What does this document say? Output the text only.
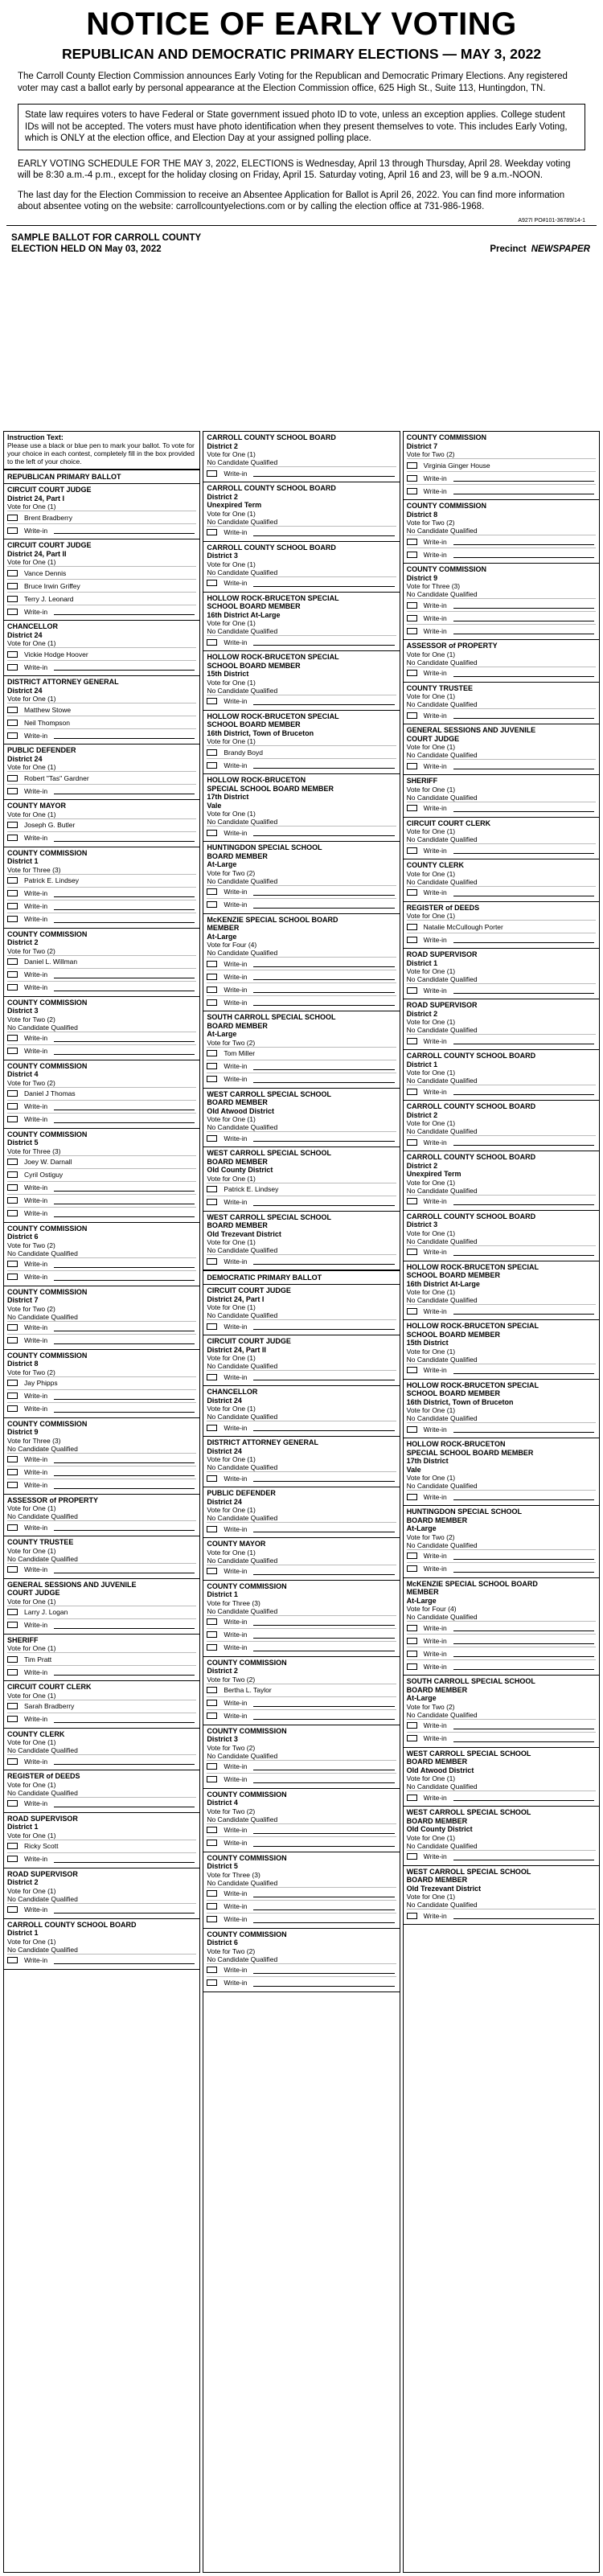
NOTICE OF EARLY VOTING
REPUBLICAN AND DEMOCRATIC PRIMARY ELECTIONS — MAY 3, 2022
The Carroll County Election Commission announces Early Voting for the Republican and Democratic Primary Elections. Any registered voter may cast a ballot early by personal appearance at the Election Commission office, 625 High St., Suite 113, Huntingdon, TN.
State law requires voters to have Federal or State government issued photo ID to vote, unless an exception applies. College student IDs will not be accepted. The voters must have photo identification when they present themselves to vote. This includes Early Voting, which is ONLY at the election office, and Election Day at your assigned polling place.
EARLY VOTING SCHEDULE FOR THE MAY 3, 2022, ELECTIONS is Wednesday, April 13 through Thursday, April 28. Weekday voting will be 8:30 a.m.-4 p.m., except for the holiday closing on Friday, April 15. Saturday voting, April 16 and 23, will be 9 a.m.-NOON.
The last day for the Election Commission to receive an Absentee Application for Ballot is April 26, 2022. You can find more information about absentee voting on the website: carrollcountyelections.com or by calling the election office at 731-986-1968.
A927I PO#101-36789/14-1
SAMPLE BALLOT FOR CARROLL COUNTY
ELECTION HELD ON May 03, 2022	Precinct NEWSPAPER
Instruction Text:
Please use a black or blue pen to mark your ballot. To vote for your choice in each contest, completely fill in the box provided to the left of your choice.
REPUBLICAN PRIMARY BALLOT
CIRCUIT COURT JUDGE
District 24, Part I
Vote for One (1)
Brent Bradberry
Write-in
CIRCUIT COURT JUDGE
District 24, Part II
Vote for One (1)
Vance Dennis
Bruce Irwin Griffey
Terry J. Leonard
Write-in
CHANCELLOR
District 24
Vote for One (1)
Vickie Hodge Hoover
Write-in
DISTRICT ATTORNEY GENERAL
District 24
Vote for One (1)
Matthew Stowe
Neil Thompson
Write-in
PUBLIC DEFENDER
District 24
Vote for One (1)
Robert "Tas" Gardner
Write-in
COUNTY MAYOR
Vote for One (1)
Joseph G. Butler
Write-in
COUNTY COMMISSION
District 1
Vote for Three (3)
Patrick E. Lindsey
Write-in
Write-in
Write-in
COUNTY COMMISSION
District 2
Vote for Two (2)
Daniel L. Willman
Write-in
Write-in
COUNTY COMMISSION
District 3
Vote for Two (2)
No Candidate Qualified
Write-in
Write-in
COUNTY COMMISSION
District 4
Vote for Two (2)
Daniel J Thomas
Write-in
Write-in
COUNTY COMMISSION
District 5
Vote for Three (3)
Joey W. Darnall
Cyril Ostiguy
Write-in
Write-in
Write-in
COUNTY COMMISSION
District 6
Vote for Two (2)
No Candidate Qualified
Write-in
Write-in
COUNTY COMMISSION
District 7
Vote for Two (2)
No Candidate Qualified
Write-in
Write-in
COUNTY COMMISSION
District 8
Vote for Two (2)
Jay Phipps
Write-in
Write-in
COUNTY COMMISSION
District 9
Vote for Three (3)
No Candidate Qualified
Write-in
Write-in
Write-in
ASSESSOR of PROPERTY
Vote for One (1)
No Candidate Qualified
Write-in
COUNTY TRUSTEE
Vote for One (1)
No Candidate Qualified
Write-in
GENERAL SESSIONS AND JUVENILE
COURT JUDGE
Vote for One (1)
Larry J. Logan
Write-in
SHERIFF
Vote for One (1)
Tim Pratt
Write-in
CIRCUIT COURT CLERK
Vote for One (1)
Sarah Bradberry
Write-in
COUNTY CLERK
Vote for One (1)
No Candidate Qualified
Write-in
REGISTER of DEEDS
Vote for One (1)
No Candidate Qualified
Write-in
ROAD SUPERVISOR
District 1
Vote for One (1)
Ricky Scott
Write-in
ROAD SUPERVISOR
District 2
Vote for One (1)
No Candidate Qualified
Write-in
CARROLL COUNTY SCHOOL BOARD
District 1
Vote for One (1)
No Candidate Qualified
Write-in
CARROLL COUNTY SCHOOL BOARD
District 2
Vote for One (1)
No Candidate Qualified
Write-in
CARROLL COUNTY SCHOOL BOARD
District 2
Unexpired Term
Vote for One (1)
No Candidate Qualified
Write-in
CARROLL COUNTY SCHOOL BOARD
District 3
Vote for One (1)
No Candidate Qualified
Write-in
HOLLOW ROCK-BRUCETON SPECIAL
SCHOOL BOARD MEMBER
16th District At-Large
Vote for One (1)
No Candidate Qualified
Write-in
HOLLOW ROCK-BRUCETON SPECIAL
SCHOOL BOARD MEMBER
15th District
Vote for One (1)
No Candidate Qualified
Write-in
HOLLOW ROCK-BRUCETON SPECIAL
SCHOOL BOARD MEMBER
16th District, Town of Bruceton
Vote for One (1)
Brandy Boyd
Write-in
HOLLOW ROCK-BRUCETON
SPECIAL SCHOOL BOARD MEMBER
17th District
Vale
Vote for One (1)
No Candidate Qualified
Write-in
HUNTINGDON SPECIAL SCHOOL
BOARD MEMBER
At-Large
Vote for Two (2)
No Candidate Qualified
Write-in
Write-in
McKENZIE SPECIAL SCHOOL BOARD
MEMBER
At-Large
Vote for Four (4)
No Candidate Qualified
Write-in
Write-in
Write-in
Write-in
SOUTH CARROLL SPECIAL SCHOOL
BOARD MEMBER
At-Large
Vote for Two (2)
Tom Miller
Write-in
Write-in
WEST CARROLL SPECIAL SCHOOL
BOARD MEMBER
Old Atwood District
Vote for One (1)
No Candidate Qualified
Write-in
WEST CARROLL SPECIAL SCHOOL
BOARD MEMBER
Old County District
Vote for One (1)
Patrick E. Lindsey
Write-in
WEST CARROLL SPECIAL SCHOOL
BOARD MEMBER
Old Trezevant District
Vote for One (1)
No Candidate Qualified
Write-in
DEMOCRATIC PRIMARY BALLOT
CIRCUIT COURT JUDGE
District 24, Part I
Vote for One (1)
No Candidate Qualified
Write-in
CIRCUIT COURT JUDGE
District 24, Part II
Vote for One (1)
No Candidate Qualified
Write-in
CHANCELLOR
District 24
Vote for One (1)
No Candidate Qualified
Write-in
DISTRICT ATTORNEY GENERAL
District 24
Vote for One (1)
No Candidate Qualified
Write-in
PUBLIC DEFENDER
District 24
Vote for One (1)
No Candidate Qualified
Write-in
COUNTY MAYOR
Vote for One (1)
No Candidate Qualified
Write-in
COUNTY COMMISSION
District 1
Vote for Three (3)
No Candidate Qualified
Write-in
Write-in
Write-in
COUNTY COMMISSION
District 2
Vote for Two (2)
Bertha L. Taylor
Write-in
Write-in
COUNTY COMMISSION
District 3
Vote for Two (2)
No Candidate Qualified
Write-in
Write-in
COUNTY COMMISSION
District 4
Vote for Two (2)
No Candidate Qualified
Write-in
Write-in
COUNTY COMMISSION
District 5
Vote for Three (3)
No Candidate Qualified
Write-in
Write-in
Write-in
COUNTY COMMISSION
District 6
Vote for Two (2)
No Candidate Qualified
Write-in
Write-in
COUNTY COMMISSION
District 7
Vote for Two (2)
Virginia Ginger House
Write-in
Write-in
COUNTY COMMISSION
District 8
Vote for Two (2)
No Candidate Qualified
Write-in
Write-in
COUNTY COMMISSION
District 9
Vote for Three (3)
No Candidate Qualified
Write-in
Write-in
Write-in
ASSESSOR of PROPERTY
Vote for One (1)
No Candidate Qualified
Write-in
COUNTY TRUSTEE
Vote for One (1)
No Candidate Qualified
Write-in
GENERAL SESSIONS AND JUVENILE
COURT JUDGE
Vote for One (1)
No Candidate Qualified
Write-in
SHERIFF
Vote for One (1)
No Candidate Qualified
Write-in
CIRCUIT COURT CLERK
Vote for One (1)
No Candidate Qualified
Write-in
COUNTY CLERK
Vote for One (1)
No Candidate Qualified
Write-in
REGISTER of DEEDS
Vote for One (1)
Natalie McCullough Porter
Write-in
ROAD SUPERVISOR
District 1
Vote for One (1)
No Candidate Qualified
Write-in
ROAD SUPERVISOR
District 2
Vote for One (1)
No Candidate Qualified
Write-in
CARROLL COUNTY SCHOOL BOARD
District 1
Vote for One (1)
No Candidate Qualified
Write-in
CARROLL COUNTY SCHOOL BOARD
District 2
Vote for One (1)
No Candidate Qualified
Write-in
CARROLL COUNTY SCHOOL BOARD
District 2
Unexpired Term
Vote for One (1)
No Candidate Qualified
Write-in
CARROLL COUNTY SCHOOL BOARD
District 3
Vote for One (1)
No Candidate Qualified
Write-in
HOLLOW ROCK-BRUCETON SPECIAL
SCHOOL BOARD MEMBER
16th District At-Large
Vote for One (1)
No Candidate Qualified
Write-in
HOLLOW ROCK-BRUCETON SPECIAL
SCHOOL BOARD MEMBER
15th District
Vote for One (1)
No Candidate Qualified
Write-in
HOLLOW ROCK-BRUCETON SPECIAL
SCHOOL BOARD MEMBER
16th District, Town of Bruceton
Vote for One (1)
No Candidate Qualified
Write-in
HOLLOW ROCK-BRUCETON
SPECIAL SCHOOL BOARD MEMBER
17th District
Vale
Vote for One (1)
No Candidate Qualified
Write-in
HUNTINGDON SPECIAL SCHOOL
BOARD MEMBER
At-Large
Vote for Two (2)
No Candidate Qualified
Write-in
Write-in
McKENZIE SPECIAL SCHOOL BOARD
MEMBER
At-Large
Vote for Four (4)
No Candidate Qualified
Write-in
Write-in
Write-in
Write-in
SOUTH CARROLL SPECIAL SCHOOL
BOARD MEMBER
At-Large
Vote for Two (2)
No Candidate Qualified
Write-in
Write-in
WEST CARROLL SPECIAL SCHOOL
BOARD MEMBER
Old Atwood District
Vote for One (1)
No Candidate Qualified
Write-in
WEST CARROLL SPECIAL SCHOOL
BOARD MEMBER
Old County District
Vote for One (1)
No Candidate Qualified
Write-in
WEST CARROLL SPECIAL SCHOOL
BOARD MEMBER
Old Trezevant District
Vote for One (1)
No Candidate Qualified
Write-in
